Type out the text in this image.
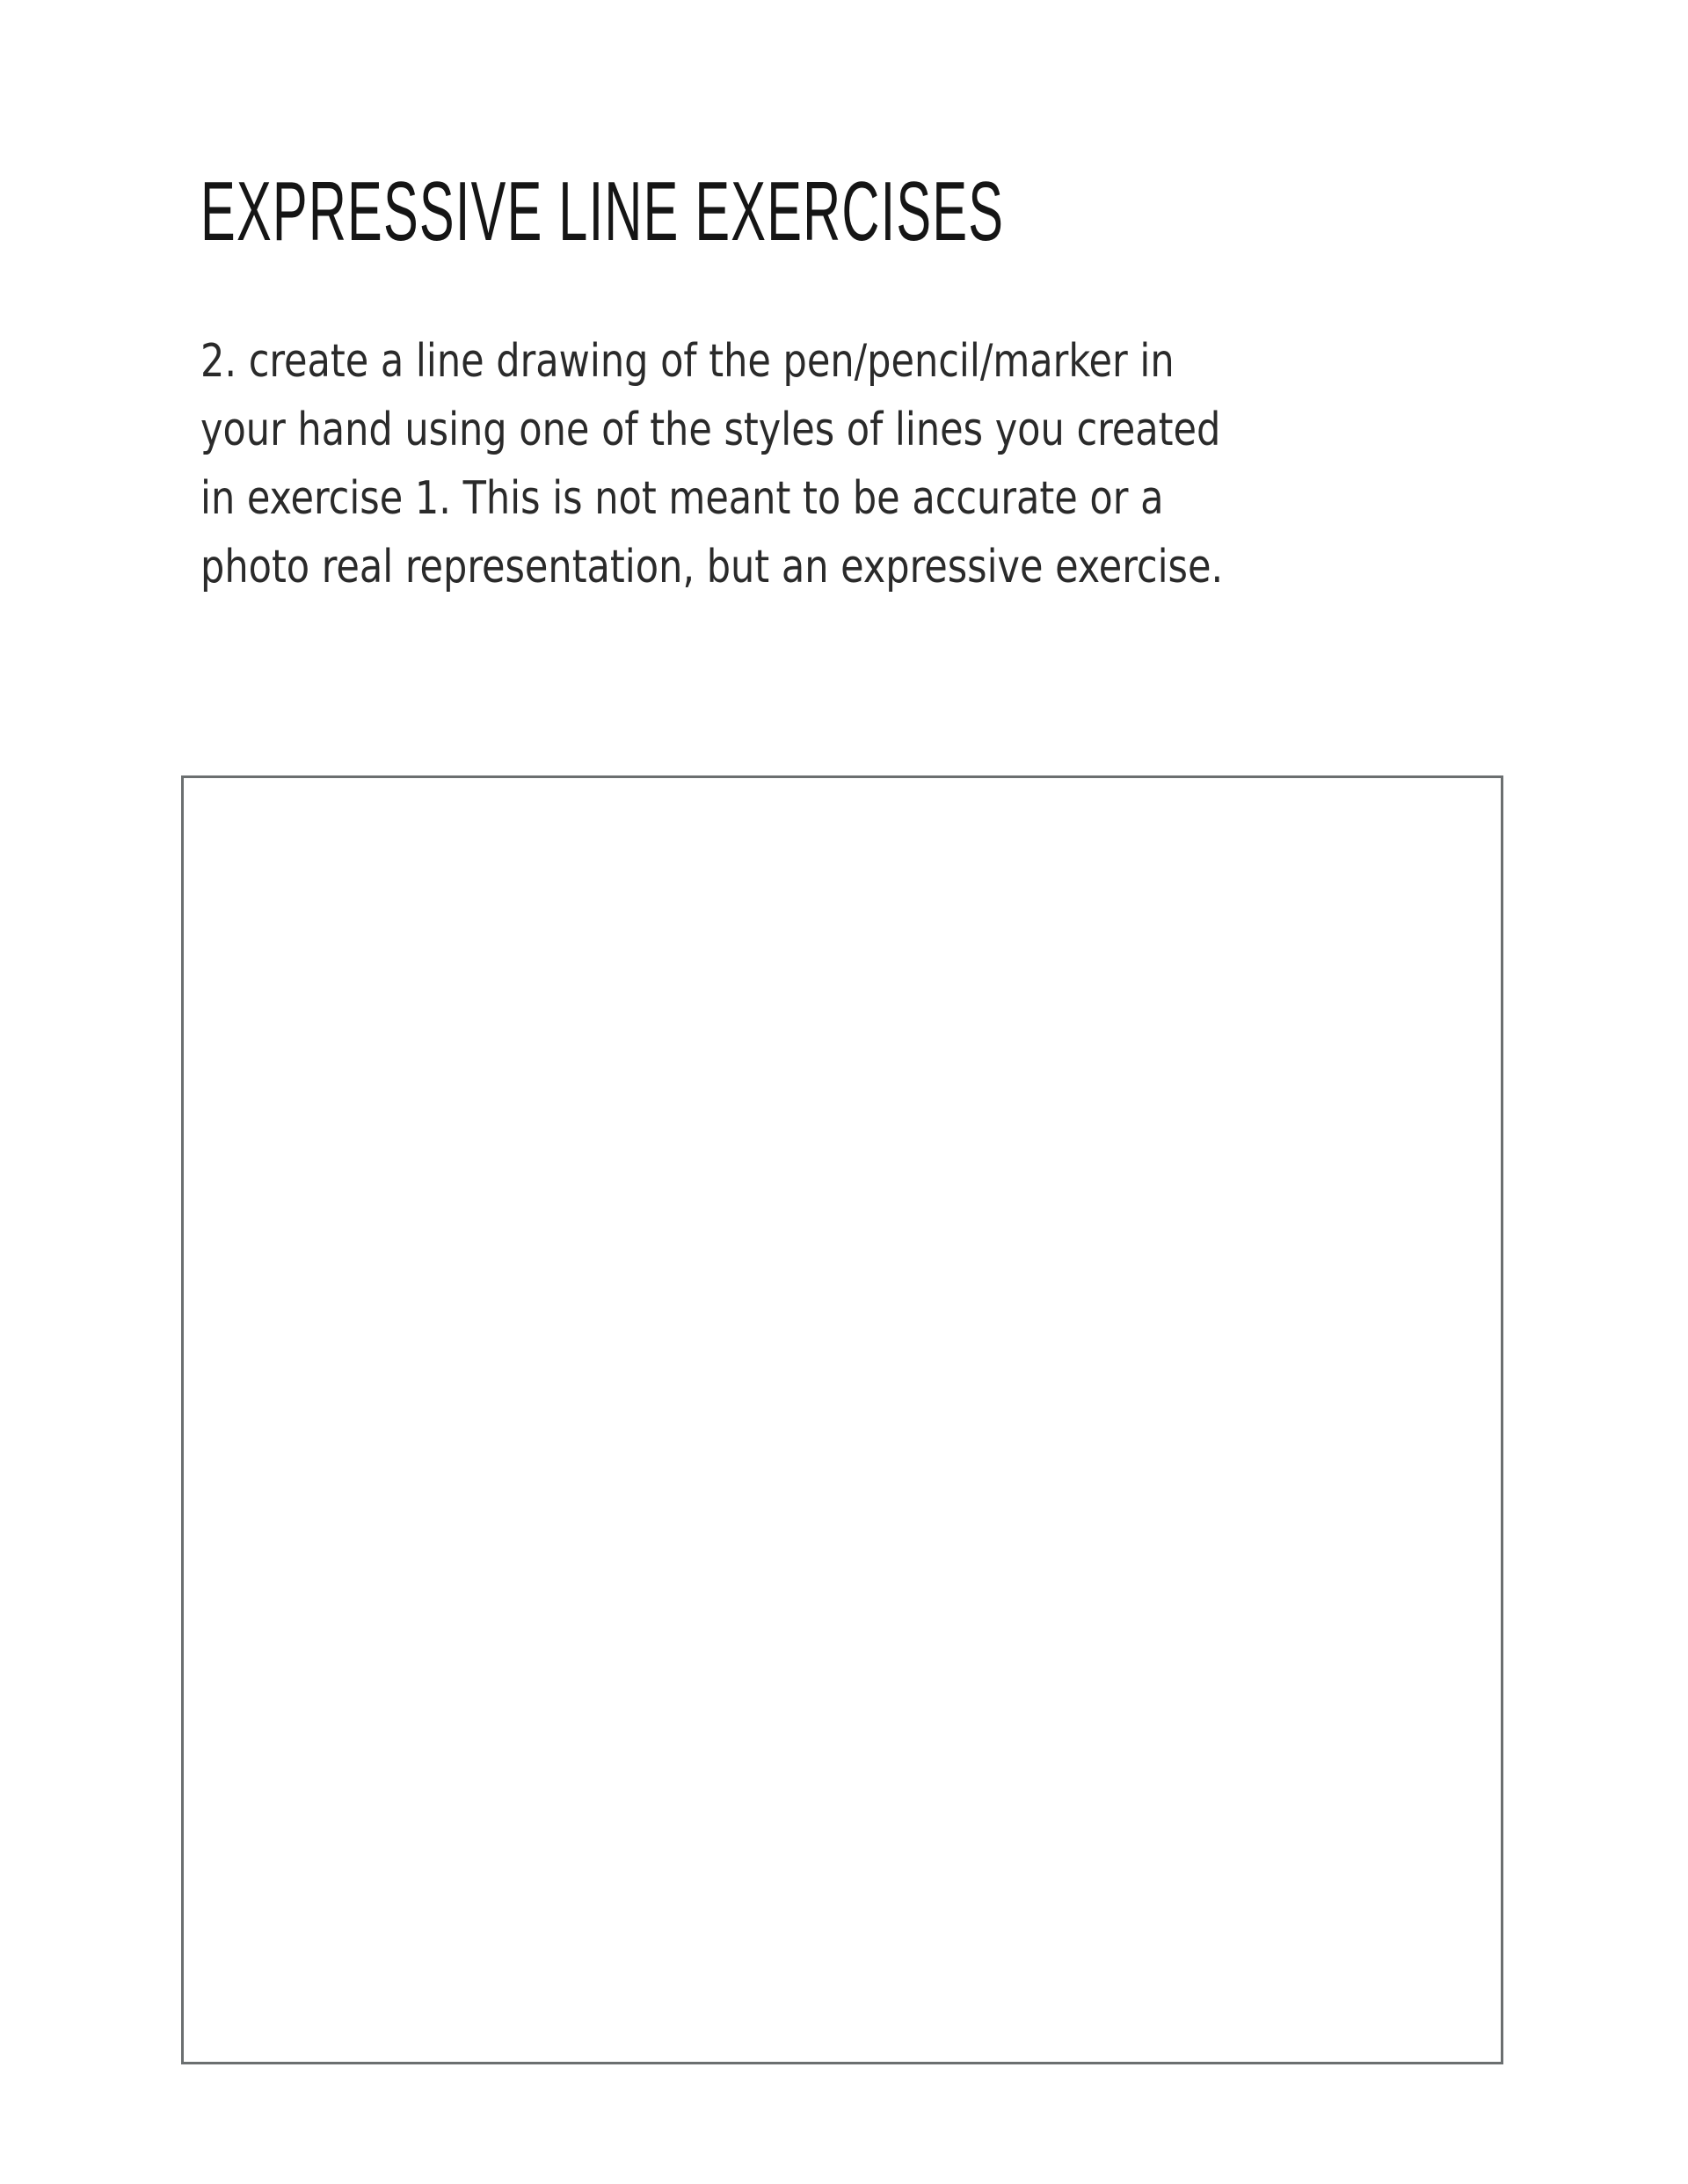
EXPRESSIVE LINE EXERCISES

2. create a line drawing of the pen/pencil/marker in
your hand using one of the styles of lines you created
in exercise 1. This is not meant to be accurate or a
photo real representation, but an expressive exercise.
